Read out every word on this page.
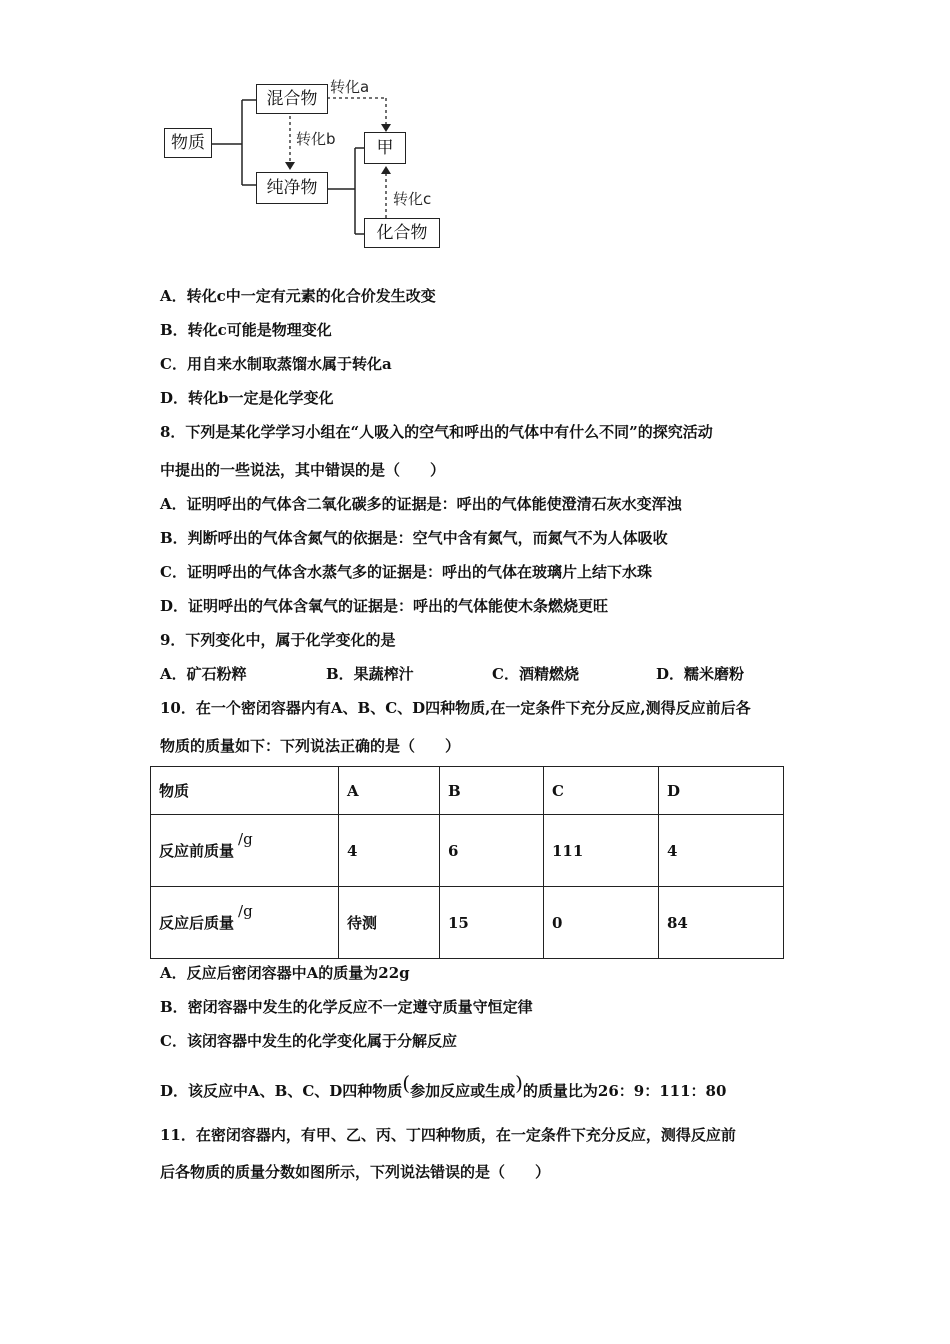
物质
混合物
纯净物
甲
化合物
转化a
转化b
转化c
A．转化c中一定有元素的化合价发生改变
B．转化c可能是物理变化
C．用自来水制取蒸馏水属于转化a
D．转化b一定是化学变化
8．下列是某化学学习小组在“人吸入的空气和呼出的气体中有什么不同”的探究活动
中提出的一些说法，其中错误的是（　　）
A．证明呼出的气体含二氧化碳多的证据是：呼出的气体能使澄清石灰水变浑浊
B．判断呼出的气体含氮气的依据是：空气中含有氮气，而氮气不为人体吸收
C．证明呼出的气体含水蒸气多的证据是：呼出的气体在玻璃片上结下水珠
D．证明呼出的气体含氧气的证据是：呼出的气体能使木条燃烧更旺
9．下列变化中，属于化学变化的是
A．矿石粉粹	B．果蔬榨汁	C．酒精燃烧	D．糯米磨粉
10．在一个密闭容器内有A、B、C、D四种物质,在一定条件下充分反应,测得反应前后各
物质的质量如下：下列说法正确的是（　　）
物质	A	B	C	D
反应前质量/g	4	6	111	4
反应后质量/g	待测	15	0	84
A．反应后密闭容器中A的质量为22g
B．密闭容器中发生的化学反应不一定遵守质量守恒定律
C．该闭容器中发生的化学变化属于分解反应
D．该反应中A、B、C、D四种物质(参加反应或生成)的质量比为26：9：111：80
11．在密闭容器内，有甲、乙、丙、丁四种物质，在一定条件下充分反应，测得反应前
后各物质的质量分数如图所示，下列说法错误的是（　　）
